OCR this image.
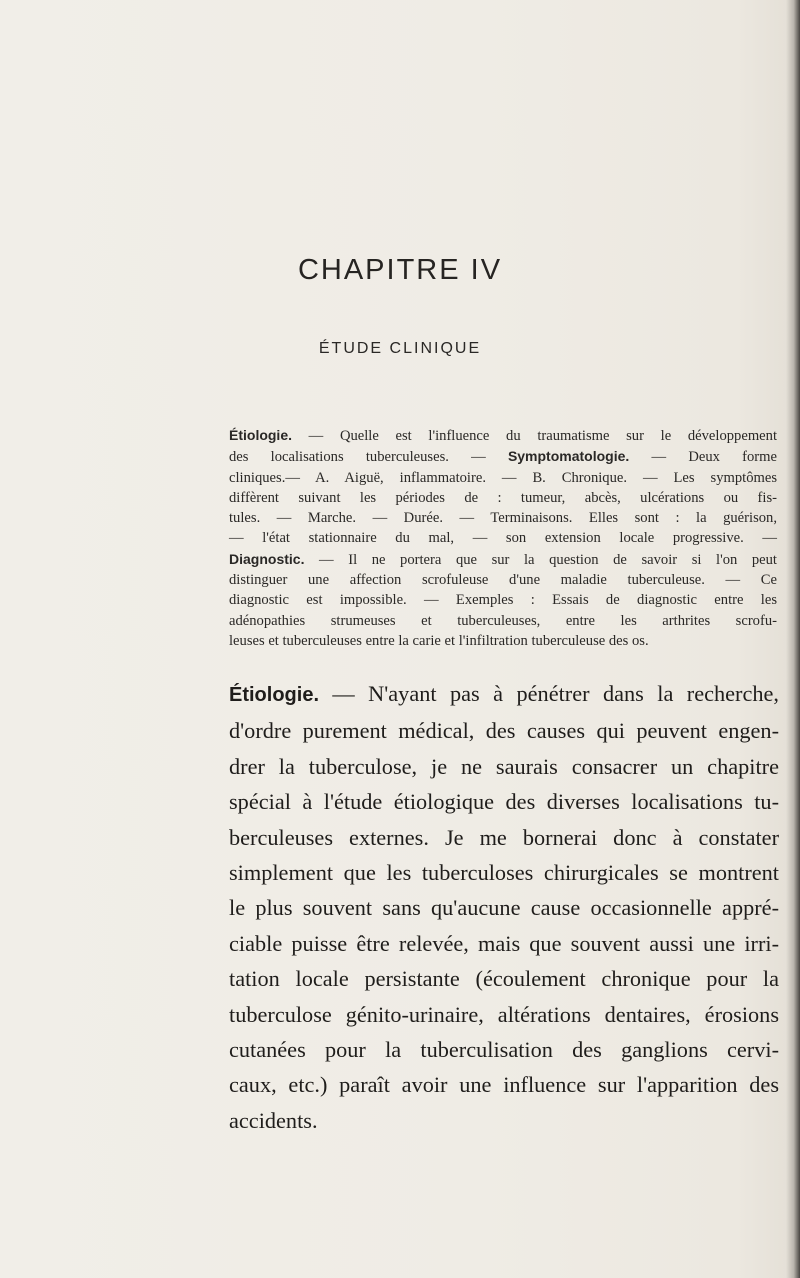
CHAPITRE IV
ÉTUDE CLINIQUE
Étiologie. — Quelle est l'influence du traumatisme sur le développement
des localisations tuberculeuses. — Symptomatologie. — Deux forme
cliniques.— A. Aiguë, inflammatoire. — B. Chronique. — Les symptômes
diffèrent suivant les périodes de : tumeur, abcès, ulcérations ou fis-
tules. — Marche. — Durée. — Terminaisons. Elles sont : la guérison,
— l'état stationnaire du mal, — son extension locale progressive. —
Diagnostic. — Il ne portera que sur la question de savoir si l'on peut
distinguer une affection scrofuleuse d'une maladie tuberculeuse. — Ce
diagnostic est impossible. — Exemples : Essais de diagnostic entre les
adénopathies strumeuses et tuberculeuses, entre les arthrites scrofu-
leuses et tuberculeuses entre la carie et l'infiltration tuberculeuse des os.
Étiologie. — N'ayant pas à pénétrer dans la recherche,
d'ordre purement médical, des causes qui peuvent engen-
drer la tuberculose, je ne saurais consacrer un chapitre
spécial à l'étude étiologique des diverses localisations tu-
berculeuses externes. Je me bornerai donc à constater
simplement que les tuberculoses chirurgicales se montrent
le plus souvent sans qu'aucune cause occasionnelle appré-
ciable puisse être relevée, mais que souvent aussi une irri-
tation locale persistante (écoulement chronique pour la
tuberculose génito-urinaire, altérations dentaires, érosions
cutanées pour la tuberculisation des ganglions cervi-
caux, etc.) paraît avoir une influence sur l'apparition des
accidents.
